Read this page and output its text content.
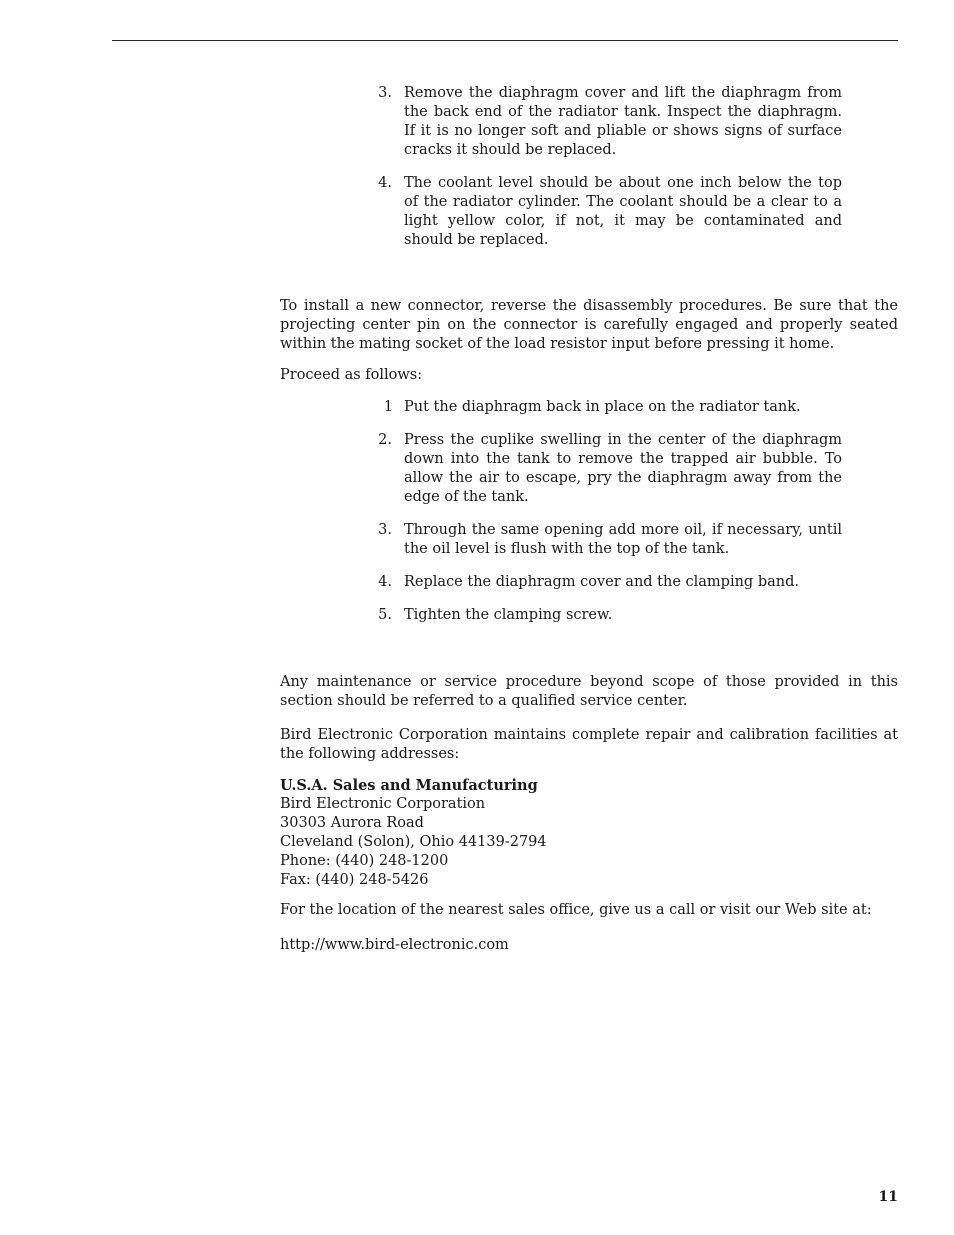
3. Remove the diaphragm cover and lift the diaphragm from the back end of the radiator tank. Inspect the diaphragm. If it is no longer soft and pliable or shows signs of surface cracks it should be replaced.
4. The coolant level should be about one inch below the top of the radiator cylinder. The coolant should be a clear to a light yellow color, if not, it may be contaminated and should be replaced.

To install a new connector, reverse the disassembly procedures. Be sure that the projecting center pin on the connector is carefully engaged and properly seated within the mating socket of the load resistor input before pressing it home.

Proceed as follows:

1 Put the diaphragm back in place on the radiator tank.
2. Press the cuplike swelling in the center of the diaphragm down into the tank to remove the trapped air bubble. To allow the air to escape, pry the diaphragm away from the edge of the tank.
3. Through the same opening add more oil, if necessary, until the oil level is flush with the top of the tank.
4. Replace the diaphragm cover and the clamping band.
5. Tighten the clamping screw.

Any maintenance or service procedure beyond scope of those provided in this section should be referred to a qualified service center.

Bird Electronic Corporation maintains complete repair and calibration facilities at the following addresses:

U.S.A. Sales and Manufacturing
Bird Electronic Corporation
30303 Aurora Road
Cleveland (Solon), Ohio 44139-2794
Phone: (440) 248-1200
Fax: (440) 248-5426

For the location of the nearest sales office, give us a call or visit our Web site at:

http://www.bird-electronic.com

11
